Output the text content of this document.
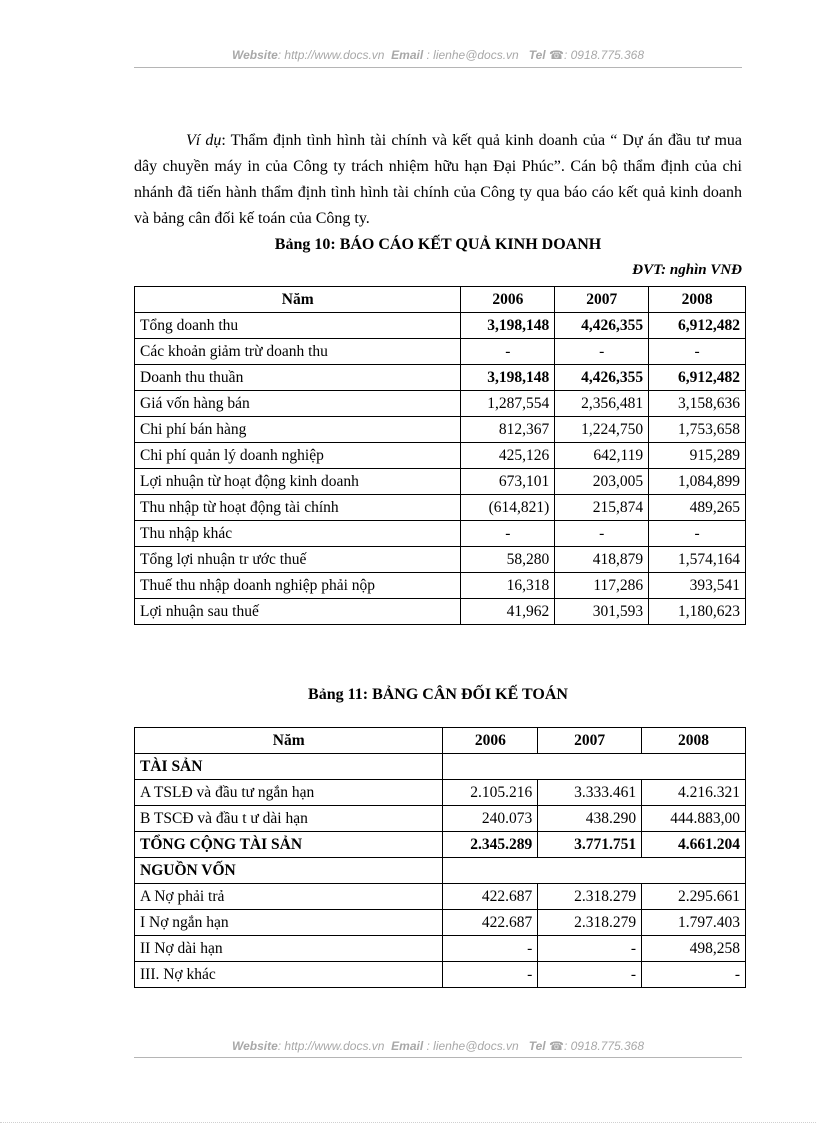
Website: http://www.docs.vn Email : lienhe@docs.vn Tel ☎: 0918.775.368

Ví dụ: Thẩm định tình hình tài chính và kết quả kinh doanh của “ Dự án đầu tư mua dây chuyền máy in của Công ty trách nhiệm hữu hạn Đại Phúc”. Cán bộ thẩm định của chi nhánh đã tiến hành thẩm định tình hình tài chính của Công ty qua báo cáo kết quả kinh doanh và bảng cân đối kế toán của Công ty.

Bảng 10: BÁO CÁO KẾT QUẢ KINH DOANH
ĐVT: nghìn VNĐ
Năm	2006	2007	2008
Tổng doanh thu	3,198,148	4,426,355	6,912,482
Các khoản giảm trừ doanh thu	-	-	-
Doanh thu thuần	3,198,148	4,426,355	6,912,482
Giá vốn hàng bán	1,287,554	2,356,481	3,158,636
Chi phí bán hàng	812,367	1,224,750	1,753,658
Chi phí quản lý doanh nghiệp	425,126	642,119	915,289
Lợi nhuận từ hoạt động kinh doanh	673,101	203,005	1,084,899
Thu nhập từ hoạt động tài chính	(614,821)	215,874	489,265
Thu nhập khác	-	-	-
Tổng lợi nhuận tr ước thuế	58,280	418,879	1,574,164
Thuế thu nhập doanh nghiệp phải nộp	16,318	117,286	393,541
Lợi nhuận sau thuế	41,962	301,593	1,180,623
Bảng 11: BẢNG CÂN ĐỐI KẾ TOÁN
Năm	2006	2007	2008
TÀI SẢN			
A TSLĐ và đầu tư ngắn hạn	2.105.216	3.333.461	4.216.321
B TSCĐ và đầu t ư dài hạn	240.073	438.290	444.883,00
TỔNG CỘNG TÀI SẢN	2.345.289	3.771.751	4.661.204
NGUỒN VỐN			
A Nợ phải trả	422.687	2.318.279	2.295.661
I Nợ ngắn hạn	422.687	2.318.279	1.797.403
II Nợ dài hạn	-	-	498,258
III. Nợ khác	-	-	-
Website: http://www.docs.vn Email : lienhe@docs.vn Tel ☎: 0918.775.368
